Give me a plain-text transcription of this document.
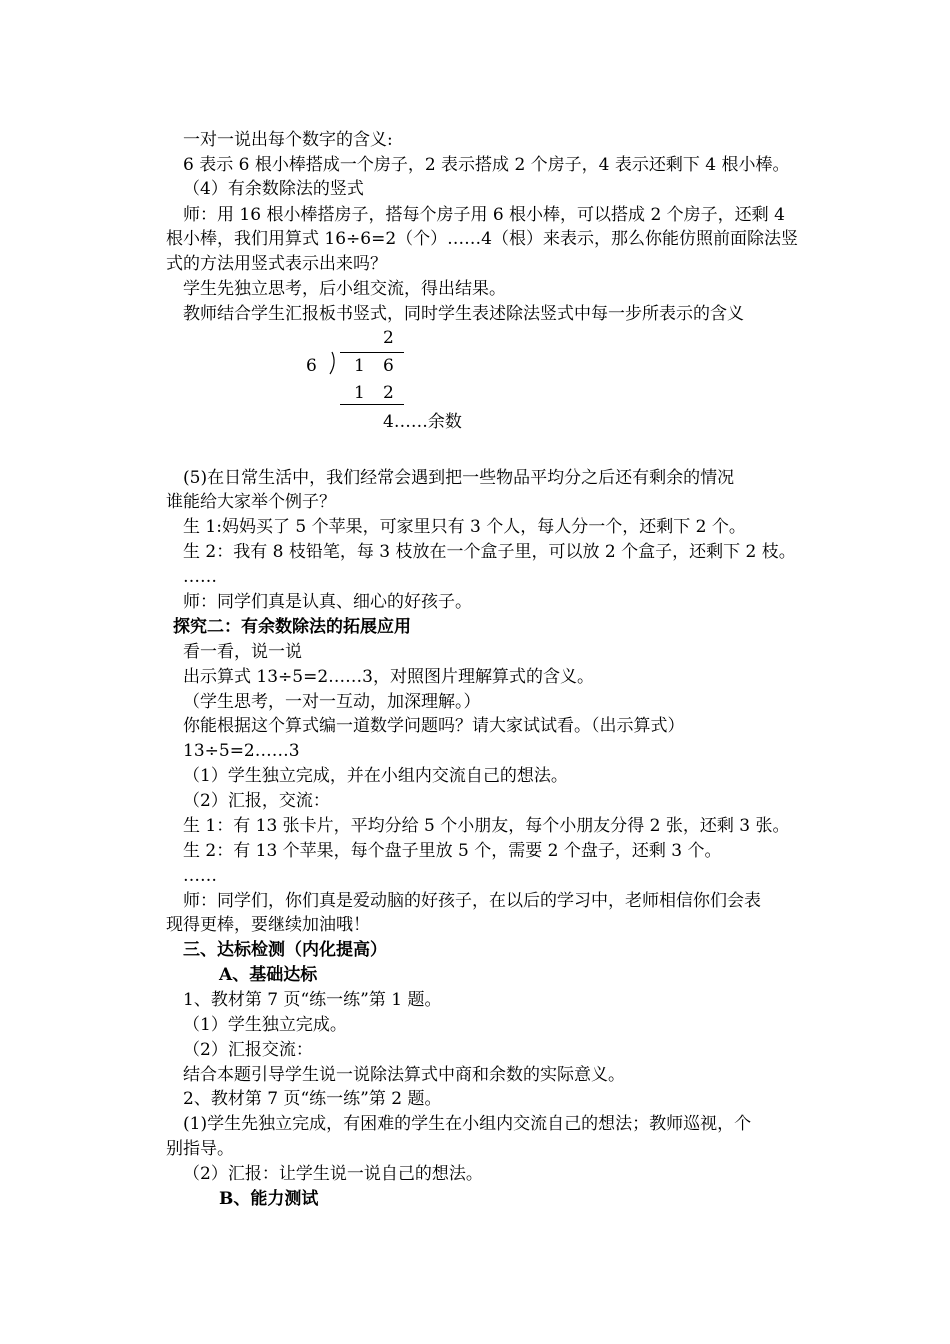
一对一说出每个数字的含义:

6 表示 6 根小棒搭成一个房子，2 表示搭成 2 个房子，4 表示还剩下 4 根小棒。

（4）有余数除法的竖式

师：用 16 根小棒搭房子，搭每个房子用 6 根小棒，可以搭成 2 个房子，还剩 4

根小棒，我们用算式 16÷6=2（个）……4（根）来表示，那么你能仿照前面除法竖

式的方法用竖式表示出来吗？

学生先独立思考，后小组交流，得出结果。

教师结合学生汇报板书竖式，同时学生表述除法竖式中每一步所表示的含义

2
6 1 6
1 2
4……余数

(5)在日常生活中，我们经常会遇到把一些物品平均分之后还有剩余的情况

谁能给大家举个例子？

生 1:妈妈买了 5 个苹果，可家里只有 3 个人，每人分一个，还剩下 2 个。

生 2：我有 8 枝铅笔，每 3 枝放在一个盒子里，可以放 2 个盒子，还剩下 2 枝。

……

师：同学们真是认真、细心的好孩子。

探究二：有余数除法的拓展应用

看一看，说一说

出示算式 13÷5=2……3，对照图片理解算式的含义。

（学生思考，一对一互动，加深理解。）

你能根据这个算式编一道数学问题吗？请大家试试看。（出示算式）

13÷5=2……3

（1）学生独立完成，并在小组内交流自己的想法。

（2）汇报，交流：

生 1：有 13 张卡片，平均分给 5 个小朋友，每个小朋友分得 2 张，还剩 3 张。

生 2：有 13 个苹果，每个盘子里放 5 个，需要 2 个盘子，还剩 3 个。

……

师：同学们，你们真是爱动脑的好孩子，在以后的学习中，老师相信你们会表

现得更棒，要继续加油哦！

三、达标检测（内化提高）

A、基础达标

1、教材第 7 页“练一练”第 1 题。

（1）学生独立完成。

（2）汇报交流：

结合本题引导学生说一说除法算式中商和余数的实际意义。

2、教材第 7 页“练一练”第 2 题。

(1)学生先独立完成，有困难的学生在小组内交流自己的想法；教师巡视，个

别指导。

（2）汇报：让学生说一说自己的想法。

B、能力测试
